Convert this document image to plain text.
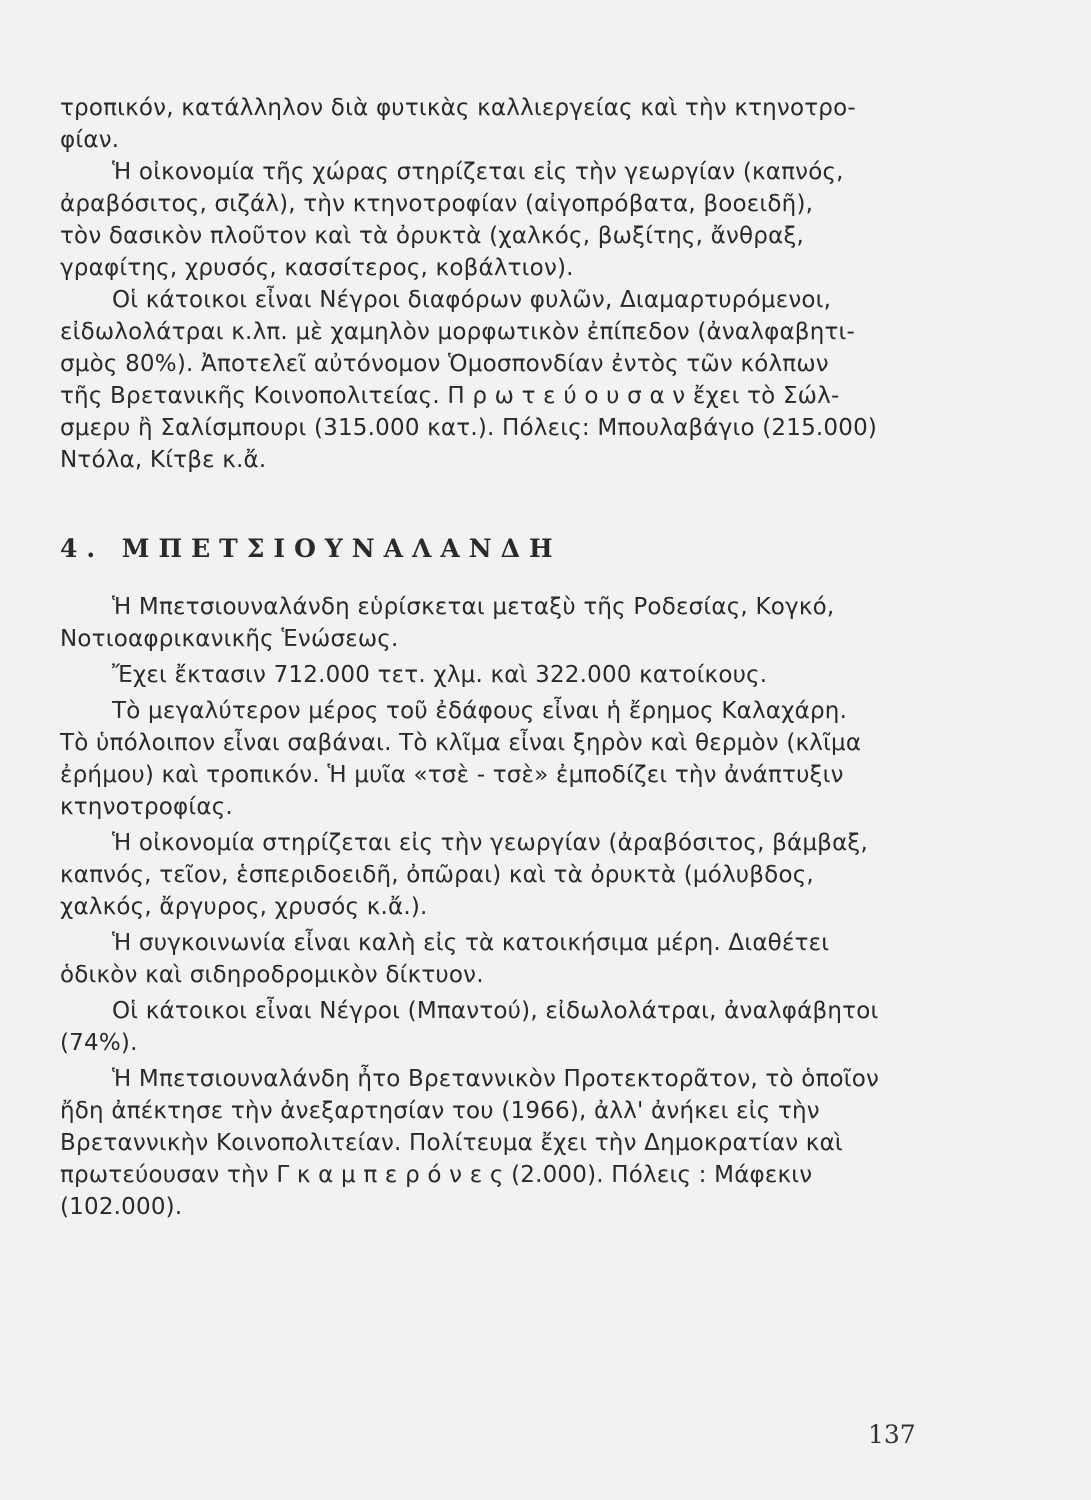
τροπικόν, κατάλληλον διὰ φυτικὰς καλλιεργείας καὶ τὴν κτηνοτρο-
φίαν.
Ἡ οἰκονομία τῆς χώρας στηρίζεται εἰς τὴν γεωργίαν (καπνός,
ἀραβόσιτος, σιζάλ), τὴν κτηνοτροφίαν (αἰγοπρόβατα, βοοειδῆ),
τὸν δασικὸν πλοῦτον καὶ τὰ ὀρυκτὰ (χαλκός, βωξίτης, ἄνθραξ,
γραφίτης, χρυσός, κασσίτερος, κοβάλτιον).
Οἱ κάτοικοι εἶναι Νέγροι διαφόρων φυλῶν, Διαμαρτυρόμενοι,
εἰδωλολάτραι κ.λπ. μὲ χαμηλὸν μορφωτικὸν ἐπίπεδον (ἀναλφαβητι-
σμὸς 80%). Ἀποτελεῖ αὐτόνομον Ὁμοσπονδίαν ἐντὸς τῶν κόλπων
τῆς Βρετανικῆς Κοινοπολιτείας. Π ρ ω τ ε ύ ο υ σ α ν ἔχει τὸ Σώλ-
σμερυ ἢ Σαλίσμπουρι (315.000 κατ.). Πόλεις: Μπουλαβάγιο (215.000)
Ντόλα, Κίτβε κ.ἄ.
4. ΜΠΕΤΣΙΟΥΝΑΛΑΝΔΗ
Ἡ Μπετσιουναλάνδη εὑρίσκεται μεταξὺ τῆς Ροδεσίας, Κογκό,
Νοτιοαφρικανικῆς Ἑνώσεως.
Ἔχει ἔκτασιν 712.000 τετ. χλμ. καὶ 322.000 κατοίκους.
Τὸ μεγαλύτερον μέρος τοῦ ἐδάφους εἶναι ἡ ἔρημος Καλαχάρη.
Τὸ ὑπόλοιπον εἶναι σαβάναι. Τὸ κλῖμα εἶναι ξηρὸν καὶ θερμὸν (κλῖμα
ἐρήμου) καὶ τροπικόν. Ἡ μυῖα «τσὲ - τσὲ» ἐμποδίζει τὴν ἀνάπτυξιν
κτηνοτροφίας.
Ἡ οἰκονομία στηρίζεται εἰς τὴν γεωργίαν (ἀραβόσιτος, βάμβαξ,
καπνός, τεῖον, ἑσπεριδοειδῆ, ὀπῶραι) καὶ τὰ ὀρυκτὰ (μόλυβδος,
χαλκός, ἄργυρος, χρυσός κ.ἄ.).
Ἡ συγκοινωνία εἶναι καλὴ εἰς τὰ κατοικήσιμα μέρη. Διαθέτει
ὁδικὸν καὶ σιδηροδρομικὸν δίκτυον.
Οἱ κάτοικοι εἶναι Νέγροι (Μπαντού), εἰδωλολάτραι, ἀναλφάβητοι
(74%).
Ἡ Μπετσιουναλάνδη ἦτο Βρεταννικὸν Προτεκτορᾶτον, τὸ ὁποῖον
ἤδη ἀπέκτησε τὴν ἀνεξαρτησίαν του (1966), ἀλλ' ἀνήκει εἰς τὴν
Βρεταννικὴν Κοινοπολιτείαν. Πολίτευμα ἔχει τὴν Δημοκρατίαν καὶ
πρωτεύουσαν τὴν Γ κ α μ π ε ρ ό ν ε ς (2.000). Πόλεις : Μάφεκιν
(102.000).
137
